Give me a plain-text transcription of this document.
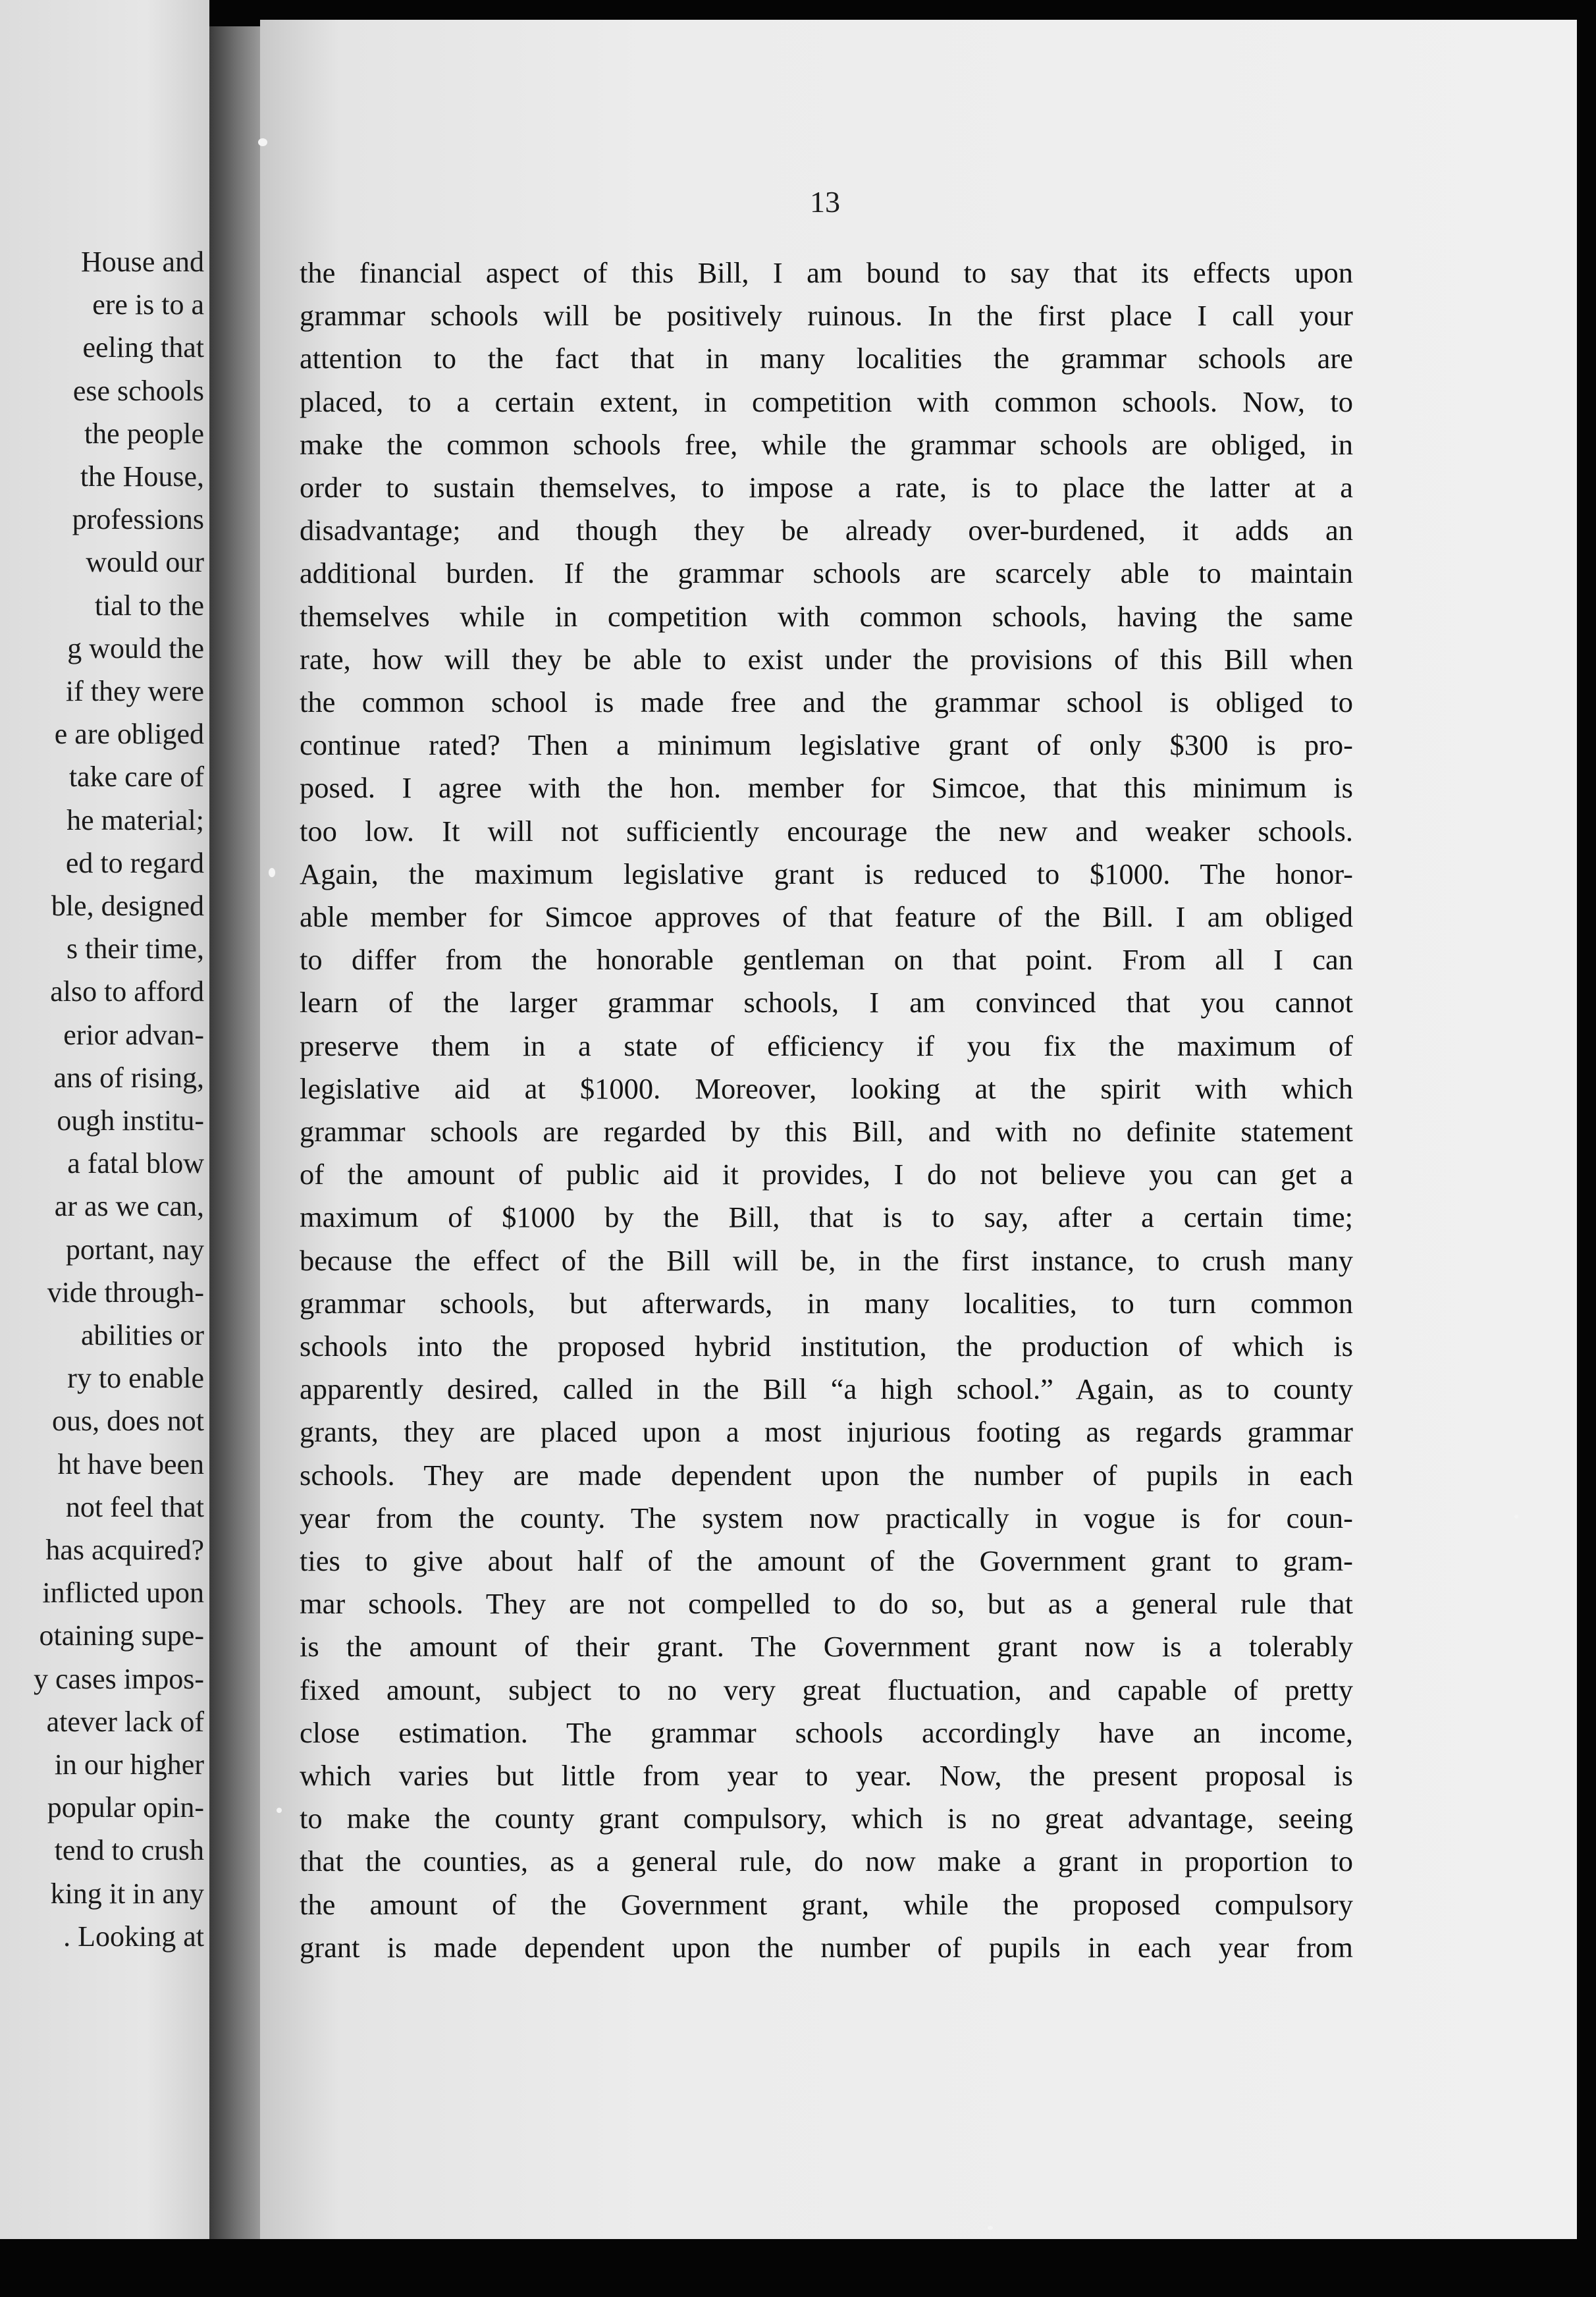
House and
ere is to a
eeling that
ese schools
the people
the House,
professions
would our
tial to the
g would the
if they were
e are obliged
take care of
he material;
ed to regard
ble, designed
s their time,
also to afford
erior advan-
ans of rising,
ough institu-
a fatal blow
ar as we can,
portant, nay
vide through-
abilities or
ry to enable
ous, does not
ht have been
not feel that
has acquired?
inflicted upon
otaining supe-
y cases impos-
atever lack of
in our higher
popular opin-
tend to crush
king it in any
. Looking at
13
the financial aspect of this Bill, I am bound to say that its effects upon
grammar schools will be positively ruinous. In the first place I call your
attention to the fact that in many localities the grammar schools are
placed, to a certain extent, in competition with common schools. Now, to
make the common schools free, while the grammar schools are obliged, in
order to sustain themselves, to impose a rate, is to place the latter at a
disadvantage; and though they be already over-burdened, it adds an
additional burden. If the grammar schools are scarcely able to maintain
themselves while in competition with common schools, having the same
rate, how will they be able to exist under the provisions of this Bill when
the common school is made free and the grammar school is obliged to
continue rated? Then a minimum legislative grant of only $300 is pro-
posed. I agree with the hon. member for Simcoe, that this minimum is
too low. It will not sufficiently encourage the new and weaker schools.
Again, the maximum legislative grant is reduced to $1000. The honor-
able member for Simcoe approves of that feature of the Bill. I am obliged
to differ from the honorable gentleman on that point. From all I can
learn of the larger grammar schools, I am convinced that you cannot
preserve them in a state of efficiency if you fix the maximum of
legislative aid at $1000. Moreover, looking at the spirit with which
grammar schools are regarded by this Bill, and with no definite statement
of the amount of public aid it provides, I do not believe you can get a
maximum of $1000 by the Bill, that is to say, after a certain time;
because the effect of the Bill will be, in the first instance, to crush many
grammar schools, but afterwards, in many localities, to turn common
schools into the proposed hybrid institution, the production of which is
apparently desired, called in the Bill “a high school.” Again, as to county
grants, they are placed upon a most injurious footing as regards grammar
schools. They are made dependent upon the number of pupils in each
year from the county. The system now practically in vogue is for coun-
ties to give about half of the amount of the Government grant to gram-
mar schools. They are not compelled to do so, but as a general rule that
is the amount of their grant. The Government grant now is a tolerably
fixed amount, subject to no very great fluctuation, and capable of pretty
close estimation. The grammar schools accordingly have an income,
which varies but little from year to year. Now, the present proposal is
to make the county grant compulsory, which is no great advantage, seeing
that the counties, as a general rule, do now make a grant in proportion to
the amount of the Government grant, while the proposed compulsory
grant is made dependent upon the number of pupils in each year from
